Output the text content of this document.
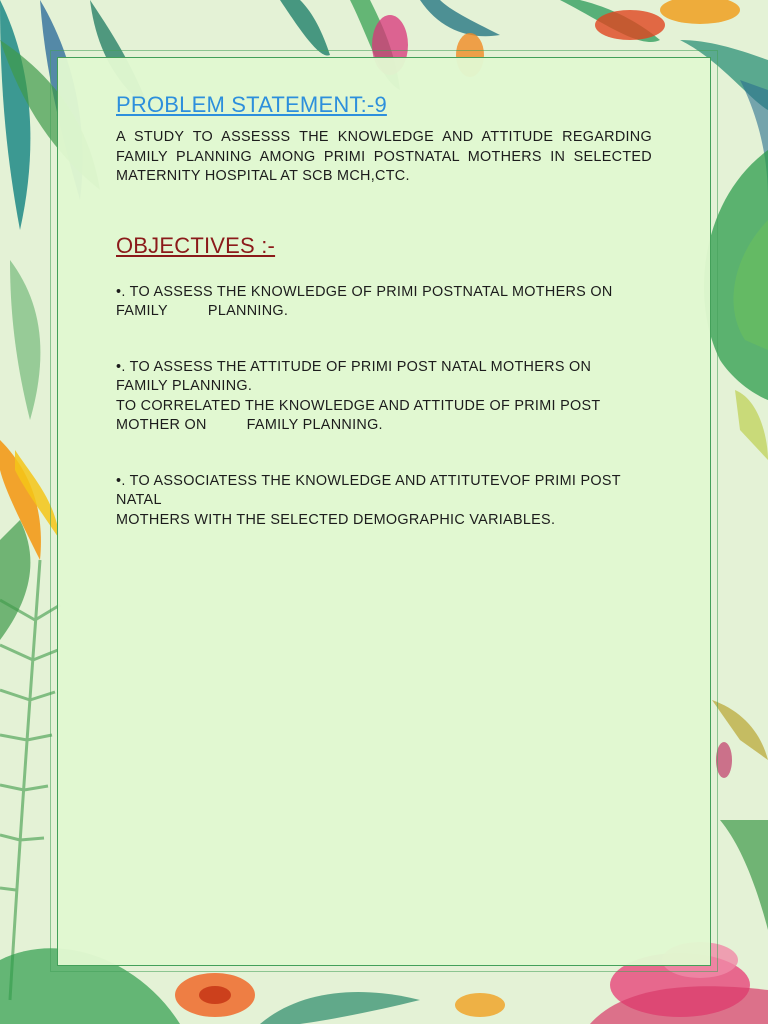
PROBLEM STATEMENT:-9

A STUDY TO ASSESSS THE KNOWLEDGE AND ATTITUDE REGARDING FAMILY PLANNING AMONG PRIMI POSTNATAL MOTHERS IN SELECTED MATERNITY HOSPITAL AT SCB MCH,CTC.

OBJECTIVES :-

•. TO ASSESS THE KNOWLEDGE OF PRIMI POSTNATAL MOTHERS ON

FAMILY	PLANNING.

•. TO ASSESS THE ATTITUDE OF PRIMI POST NATAL MOTHERS ON

FAMILY PLANNING.

TO CORRELATED THE KNOWLEDGE AND ATTITUDE OF PRIMI POST

MOTHER ON	FAMILY PLANNING.

•. TO ASSOCIATESS THE KNOWLEDGE AND ATTITUTEVOF PRIMI POST

NATAL

MOTHERS WITH THE SELECTED DEMOGRAPHIC VARIABLES.
